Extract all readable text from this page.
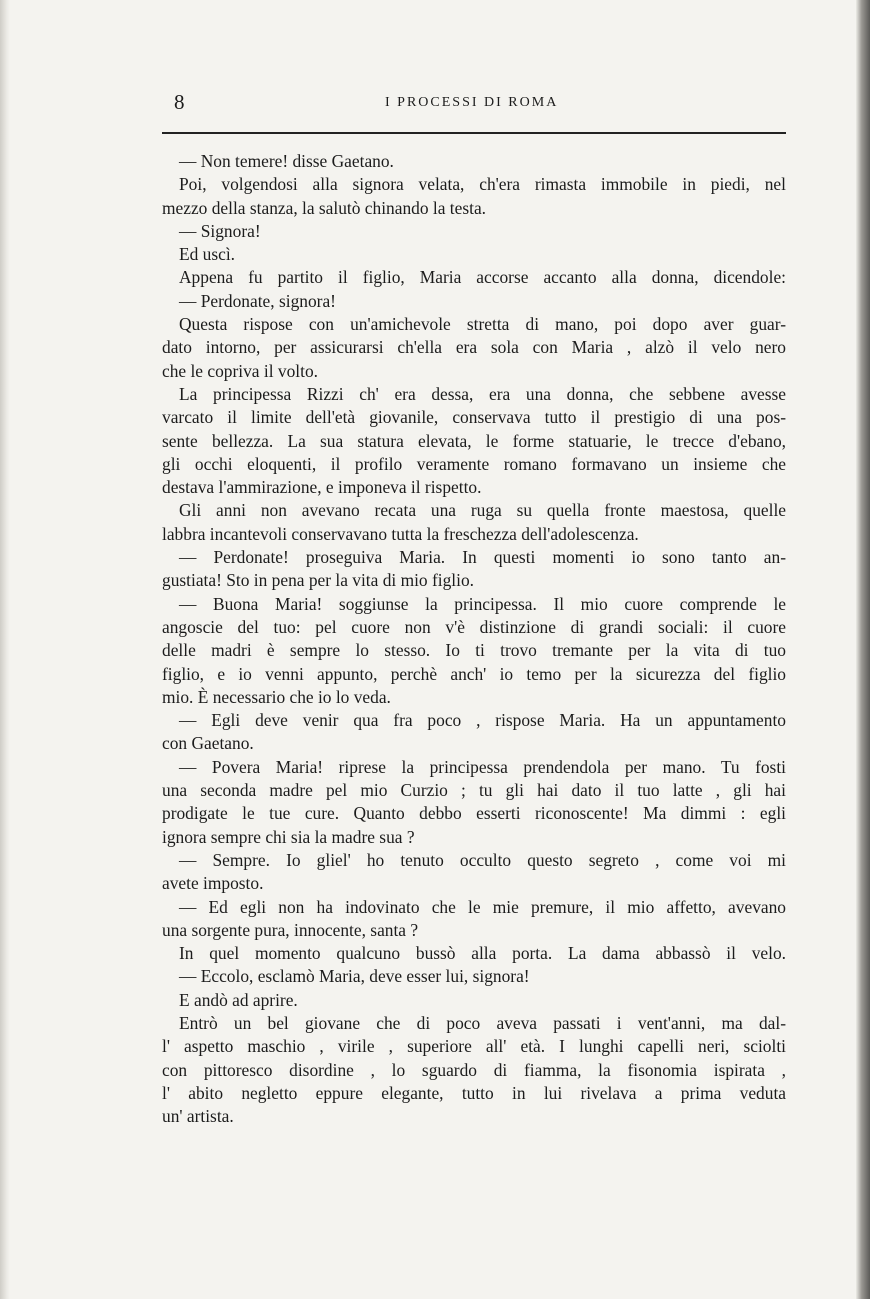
8	I PROCESSI DI ROMA
— Non temere! disse Gaetano.
Poi, volgendosi alla signora velata, ch'era rimasta immobile in piedi, nel
mezzo della stanza, la salutò chinando la testa.
— Signora!
Ed uscì.
Appena fu partito il figlio, Maria accorse accanto alla donna, dicendole:
— Perdonate, signora!
Questa rispose con un'amichevole stretta di mano, poi dopo aver guar-
dato intorno, per assicurarsi ch'ella era sola con Maria , alzò il velo nero
che le copriva il volto.
La principessa Rizzi ch' era dessa, era una donna, che sebbene avesse
varcato il limite dell'età giovanile, conservava tutto il prestigio di una pos-
sente bellezza. La sua statura elevata, le forme statuarie, le trecce d'ebano,
gli occhi eloquenti, il profilo veramente romano formavano un insieme che
destava l'ammirazione, e imponeva il rispetto.
Gli anni non avevano recata una ruga su quella fronte maestosa, quelle
labbra incantevoli conservavano tutta la freschezza dell'adolescenza.
— Perdonate! proseguiva Maria. In questi momenti io sono tanto an-
gustiata! Sto in pena per la vita di mio figlio.
— Buona Maria! soggiunse la principessa. Il mio cuore comprende le
angoscie del tuo: pel cuore non v'è distinzione di grandi sociali: il cuore
delle madri è sempre lo stesso. Io ti trovo tremante per la vita di tuo
figlio, e io venni appunto, perchè anch' io temo per la sicurezza del figlio
mio. È necessario che io lo veda.
— Egli deve venir qua fra poco , rispose Maria. Ha un appuntamento
con Gaetano.
— Povera Maria! riprese la principessa prendendola per mano. Tu fosti
una seconda madre pel mio Curzio ; tu gli hai dato il tuo latte , gli hai
prodigate le tue cure. Quanto debbo esserti riconoscente! Ma dimmi : egli
ignora sempre chi sia la madre sua ?
— Sempre. Io gliel' ho tenuto occulto questo segreto , come voi mi
avete imposto.
— Ed egli non ha indovinato che le mie premure, il mio affetto, avevano
una sorgente pura, innocente, santa ?
In quel momento qualcuno bussò alla porta. La dama abbassò il velo.
— Eccolo, esclamò Maria, deve esser lui, signora!
E andò ad aprire.
Entrò un bel giovane che di poco aveva passati i vent'anni, ma dal-
l' aspetto maschio , virile , superiore all' età. I lunghi capelli neri, sciolti
con pittoresco disordine , lo sguardo di fiamma, la fisonomia ispirata ,
l' abito negletto eppure elegante, tutto in lui rivelava a prima veduta
un' artista.
